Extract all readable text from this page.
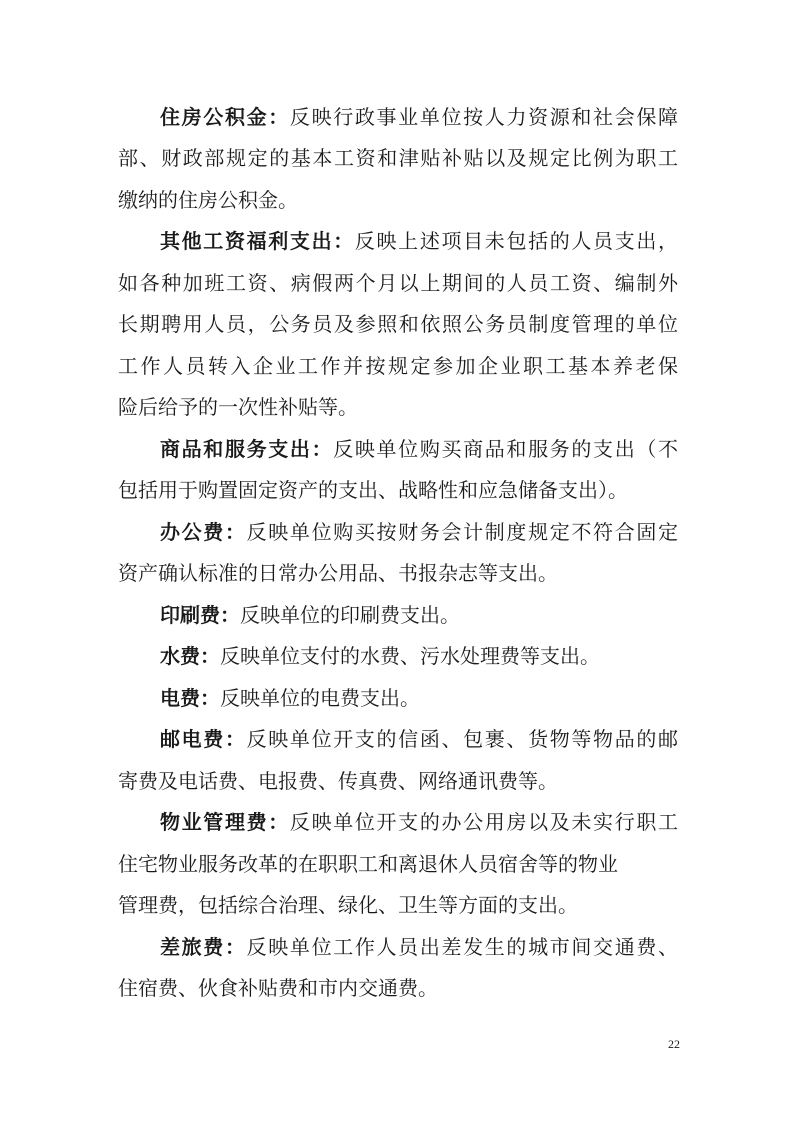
住房公积金：反映行政事业单位按人力资源和社会保障

部、财政部规定的基本工资和津贴补贴以及规定比例为职工

缴纳的住房公积金。

其他工资福利支出：反映上述项目未包括的人员支出，

如各种加班工资、病假两个月以上期间的人员工资、编制外

长期聘用人员，公务员及参照和依照公务员制度管理的单位

工作人员转入企业工作并按规定参加企业职工基本养老保

险后给予的一次性补贴等。

商品和服务支出：反映单位购买商品和服务的支出（不

包括用于购置固定资产的支出、战略性和应急储备支出）。

办公费：反映单位购买按财务会计制度规定不符合固定

资产确认标准的日常办公用品、书报杂志等支出。

印刷费：反映单位的印刷费支出。

水费：反映单位支付的水费、污水处理费等支出。

电费：反映单位的电费支出。

邮电费：反映单位开支的信函、包裹、货物等物品的邮

寄费及电话费、电报费、传真费、网络通讯费等。

物业管理费：反映单位开支的办公用房以及未实行职工

住宅物业服务改革的在职职工和离退休人员宿舍等的物业

管理费，包括综合治理、绿化、卫生等方面的支出。

差旅费：反映单位工作人员出差发生的城市间交通费、

住宿费、伙食补贴费和市内交通费。

22
